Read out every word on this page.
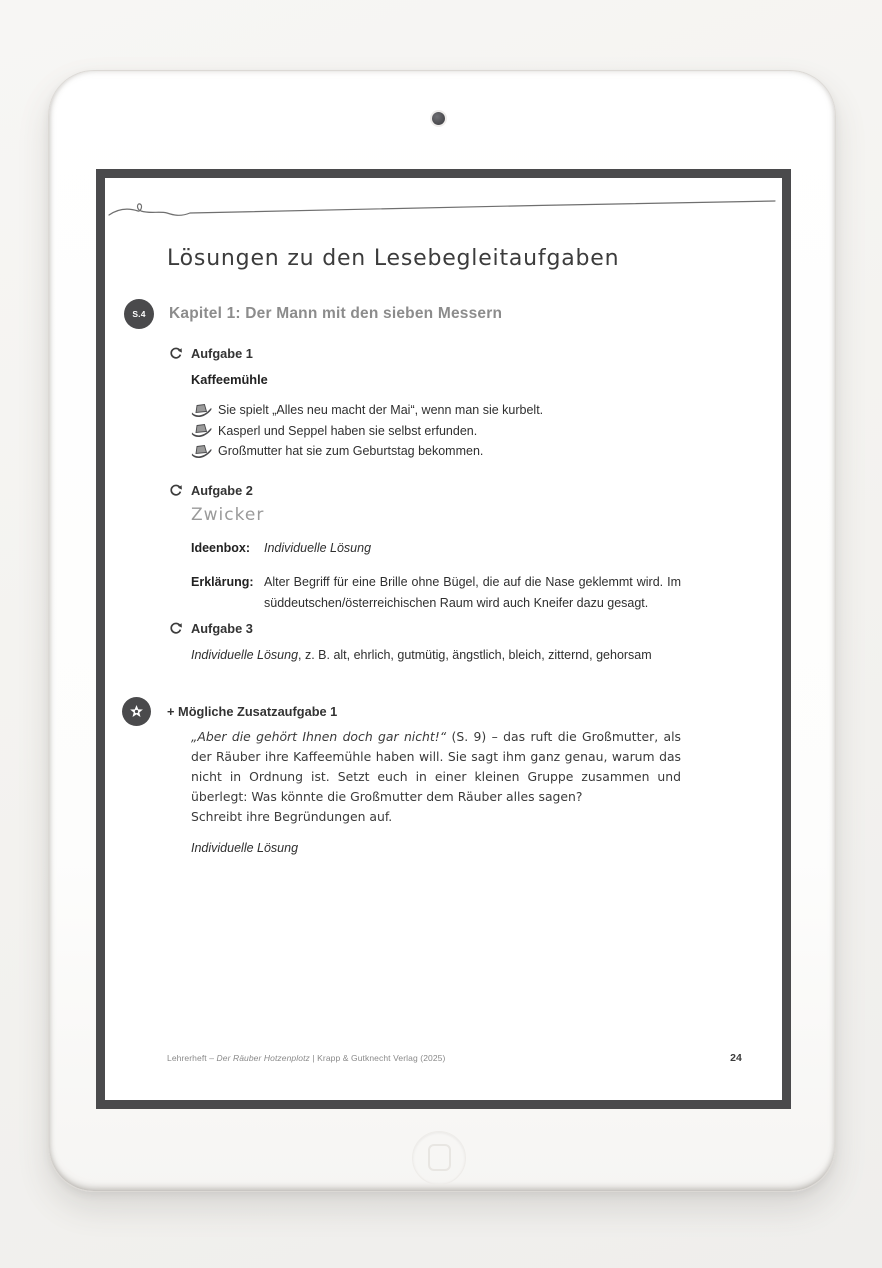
Lösungen zu den Lesebegleitaufgaben
S.4	Kapitel 1: Der Mann mit den sieben Messern
Aufgabe 1
Kaffeemühle
Sie spielt „Alles neu macht der Mai“, wenn man sie kurbelt.
Kasperl und Seppel haben sie selbst erfunden.
Großmutter hat sie zum Geburtstag bekommen.
Aufgabe 2
Zwicker
Ideenbox:	Individuelle Lösung
Erklärung: Alter Begriff für eine Brille ohne Bügel, die auf die Nase geklemmt wird. Im süddeutschen/österreichischen Raum wird auch Kneifer dazu gesagt.
Aufgabe 3
Individuelle Lösung, z. B. alt, ehrlich, gutmütig, ängstlich, bleich, zitternd, gehorsam
+ Mögliche Zusatzaufgabe 1
„Aber die gehört Ihnen doch gar nicht!“ (S. 9) – das ruft die Großmutter, als der Räuber ihre Kaffeemühle haben will. Sie sagt ihm ganz genau, warum das nicht in Ordnung ist. Setzt euch in einer kleinen Gruppe zusammen und überlegt: Was könnte die Großmutter dem Räuber alles sagen?
Schreibt ihre Begründungen auf.
Individuelle Lösung
Lehrerheft – Der Räuber Hotzenplotz | Krapp & Gutknecht Verlag (2025)	24
